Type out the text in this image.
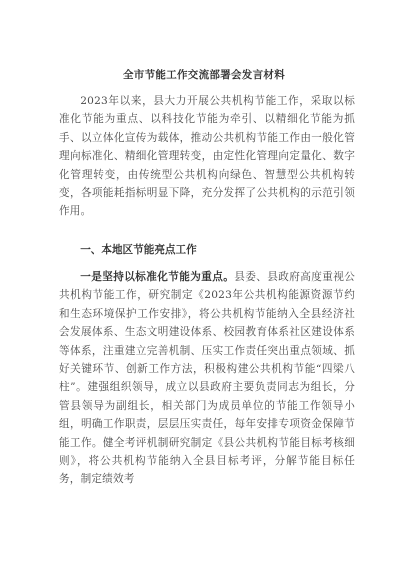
全市节能工作交流部署会发言材料

2023年以来，县大力开展公共机构节能工作，采取以标准化节能为重点、以科技化节能为牵引、以精细化节能为抓手、以立体化宣传为载体，推动公共机构节能工作由一般化管理向标准化、精细化管理转变，由定性化管理向定量化、数字化管理转变，由传统型公共机构向绿色、智慧型公共机构转变，各项能耗指标明显下降，充分发挥了公共机构的示范引领作用。

一、本地区节能亮点工作

一是坚持以标准化节能为重点。县委、县政府高度重视公共机构节能工作，研究制定《2023年公共机构能源资源节约和生态环境保护工作安排》，将公共机构节能纳入全县经济社会发展体系、生态文明建设体系、校园教育体系社区建设体系等体系，注重建立完善机制、压实工作责任突出重点领域、抓好关键环节、创新工作方法，积极构建公共机构节能“四梁八柱”。建强组织领导，成立以县政府主要负责同志为组长，分管县领导为副组长，相关部门为成员单位的节能工作领导小组，明确工作职责，层层压实责任，每年安排专项资金保障节能工作。健全考评机制研究制定《县公共机构节能目标考核细则》，将公共机构节能纳入全县目标考评，分解节能目标任务，制定绩效考
